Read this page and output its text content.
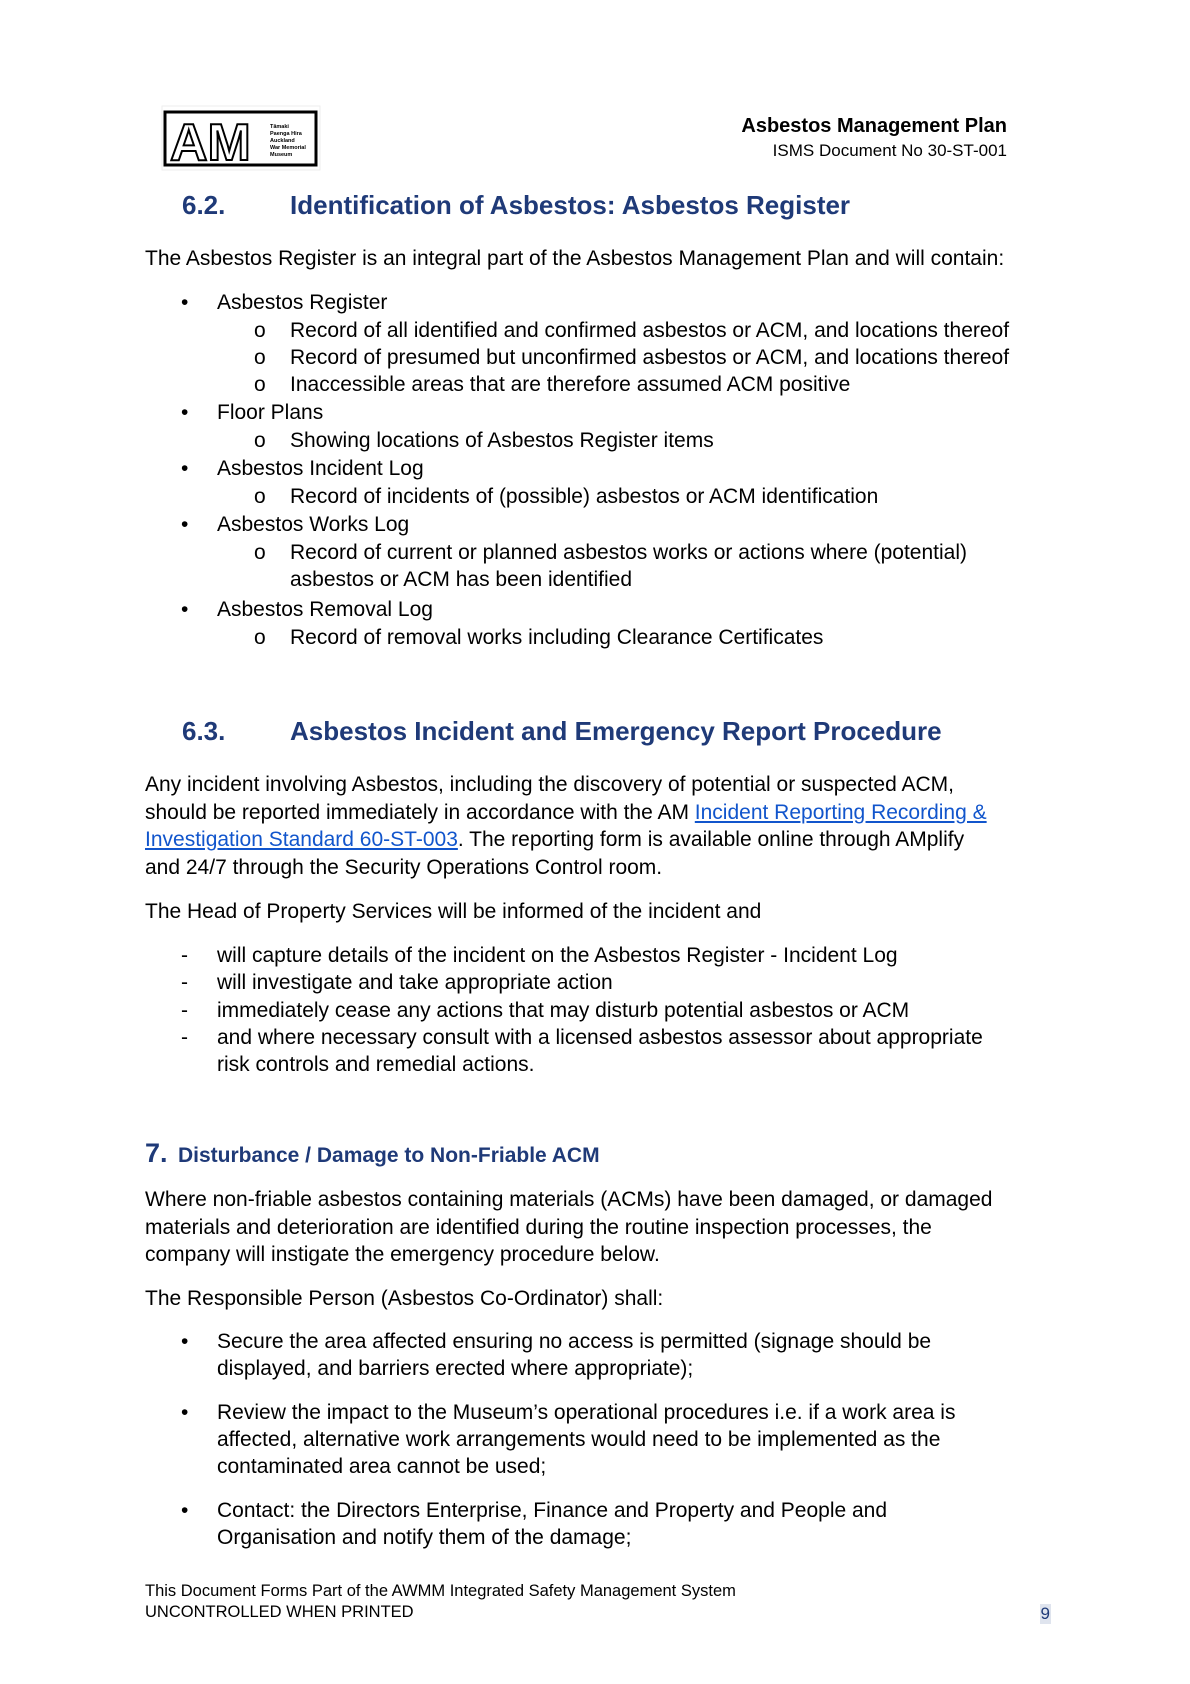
AM	Tāmaki
Paenga Hira
Auckland
War Memorial
Museum
Asbestos Management Plan
ISMS Document No 30-ST-001
6.2. Identification of Asbestos: Asbestos Register
The Asbestos Register is an integral part of the Asbestos Management Plan and will contain:
• Asbestos Register
o Record of all identified and confirmed asbestos or ACM, and locations thereof
o Record of presumed but unconfirmed asbestos or ACM, and locations thereof
o Inaccessible areas that are therefore assumed ACM positive
• Floor Plans
o Showing locations of Asbestos Register items
• Asbestos Incident Log
o Record of incidents of (possible) asbestos or ACM identification
• Asbestos Works Log
o Record of current or planned asbestos works or actions where (potential)
asbestos or ACM has been identified
• Asbestos Removal Log
o Record of removal works including Clearance Certificates
6.3. Asbestos Incident and Emergency Report Procedure
Any incident involving Asbestos, including the discovery of potential or suspected ACM,
should be reported immediately in accordance with the AM Incident Reporting Recording &
Investigation Standard 60-ST-003. The reporting form is available online through AMplify
and 24/7 through the Security Operations Control room.
The Head of Property Services will be informed of the incident and
- will capture details of the incident on the Asbestos Register - Incident Log
- will investigate and take appropriate action
- immediately cease any actions that may disturb potential asbestos or ACM
- and where necessary consult with a licensed asbestos assessor about appropriate
risk controls and remedial actions.
7. Disturbance / Damage to Non-Friable ACM
Where non-friable asbestos containing materials (ACMs) have been damaged, or damaged
materials and deterioration are identified during the routine inspection processes, the
company will instigate the emergency procedure below.
The Responsible Person (Asbestos Co-Ordinator) shall:
• Secure the area affected ensuring no access is permitted (signage should be
displayed, and barriers erected where appropriate);
• Review the impact to the Museum’s operational procedures i.e. if a work area is
affected, alternative work arrangements would need to be implemented as the
contaminated area cannot be used;
• Contact: the Directors Enterprise, Finance and Property and People and
Organisation and notify them of the damage;
This Document Forms Part of the AWMM Integrated Safety Management System
UNCONTROLLED WHEN PRINTED	9
